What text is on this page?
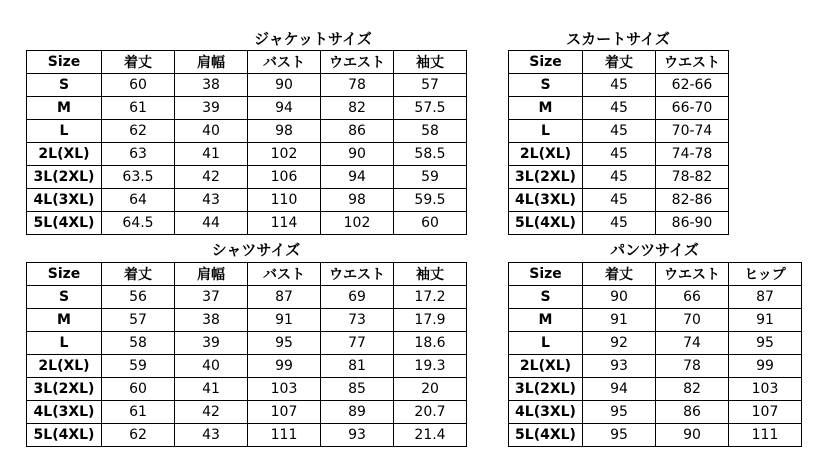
ジャケットサイズ
Size	着丈	肩幅	バスト	ウエスト	袖丈
S	60	38	90	78	57
M	61	39	94	82	57.5
L	62	40	98	86	58
2L(XL)	63	41	102	90	58.5
3L(2XL)	63.5	42	106	94	59
4L(3XL)	64	43	110	98	59.5
5L(4XL)	64.5	44	114	102	60
スカートサイズ
Size	着丈	ウエスト
S	45	62-66
M	45	66-70
L	45	70-74
2L(XL)	45	74-78
3L(2XL)	45	78-82
4L(3XL)	45	82-86
5L(4XL)	45	86-90
シャツサイズ
Size	着丈	肩幅	バスト	ウエスト	袖丈
S	56	37	87	69	17.2
M	57	38	91	73	17.9
L	58	39	95	77	18.6
2L(XL)	59	40	99	81	19.3
3L(2XL)	60	41	103	85	20
4L(3XL)	61	42	107	89	20.7
5L(4XL)	62	43	111	93	21.4
パンツサイズ
Size	着丈	ウエスト	ヒップ
S	90	66	87
M	91	70	91
L	92	74	95
2L(XL)	93	78	99
3L(2XL)	94	82	103
4L(3XL)	95	86	107
5L(4XL)	95	90	111
